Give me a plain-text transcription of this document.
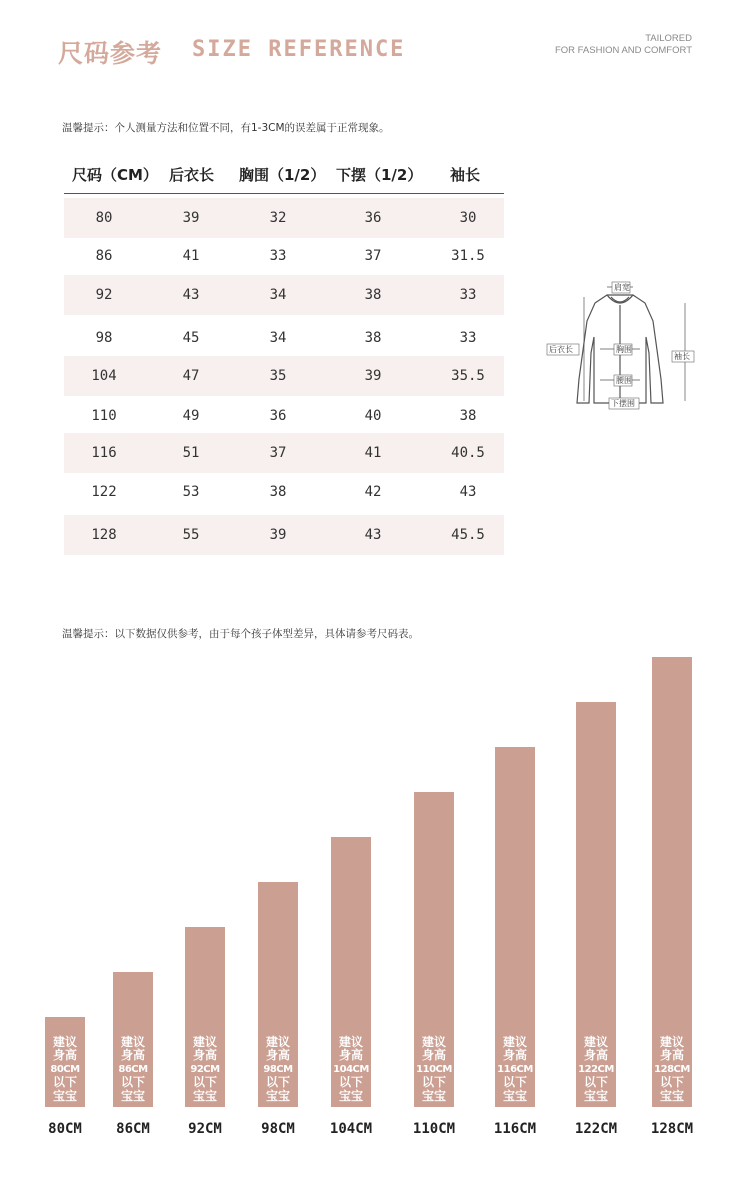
尺码参考 SIZE REFERENCE	TAILORED
FOR FASHION AND COMFORT
温馨提示：个人测量方法和位置不同，有1-3CM的误差属于正常现象。
尺码（CM） 后衣长 胸围（1/2） 下摆（1/2） 袖长
80	39	32	36	30
86	41	33	37	31.5
92	43	34	38	33
98	45	34	38	33
104	47	35	39	35.5
110	49	36	40	38
116	51	37	41	40.5
122	53	38	42	43
128	55	39	43	45.5
肩宽
后衣长	胸围
袖长
腰围
下摆围
温馨提示：以下数据仅供参考，由于每个孩子体型差异，具体请参考尺码表。
建议
身高
80CM
以下
宝宝
80CM
建议
身高
86CM
以下
宝宝
86CM
建议
身高
92CM
以下
宝宝
92CM
建议
身高
98CM
以下
宝宝
98CM
建议
身高
104CM
以下
宝宝
104CM
建议
身高
110CM
以下
宝宝
110CM
建议
身高
116CM
以下
宝宝
116CM
建议
身高
122CM
以下
宝宝
122CM
建议
身高
128CM
以下
宝宝
128CM
